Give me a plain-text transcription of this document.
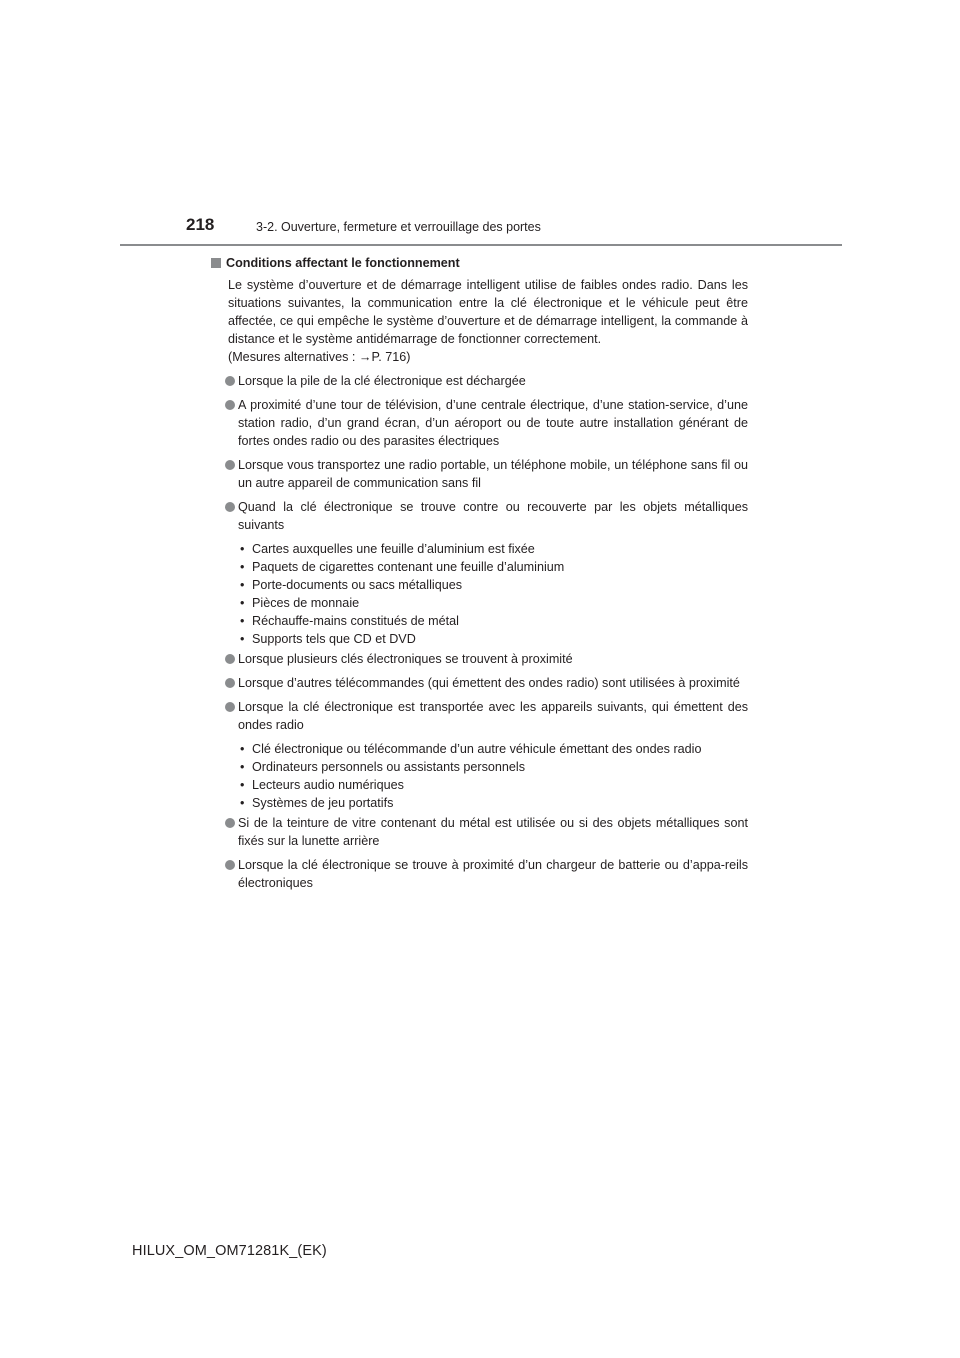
218	3-2. Ouverture, fermeture et verrouillage des portes
Conditions affectant le fonctionnement

Le système d’ouverture et de démarrage intelligent utilise de faibles ondes radio. Dans les situations suivantes, la communication entre la clé électronique et le véhicule peut être affectée, ce qui empêche le système d’ouverture et de démarrage intelligent, la commande à distance et le système antidémarrage de fonctionner correctement.

(Mesures alternatives : →P. 716)

Lorsque la pile de la clé électronique est déchargée
A proximité d’une tour de télévision, d’une centrale électrique, d’une station-service, d’une station radio, d’un grand écran, d’un aéroport ou de toute autre installation générant de fortes ondes radio ou des parasites électriques
Lorsque vous transportez une radio portable, un téléphone mobile, un téléphone sans fil ou un autre appareil de communication sans fil
Quand la clé électronique se trouve contre ou recouverte par les objets métalliques suivants
• Cartes auxquelles une feuille d’aluminium est fixée
• Paquets de cigarettes contenant une feuille d’aluminium
• Porte-documents ou sacs métalliques
• Pièces de monnaie
• Réchauffe-mains constitués de métal
• Supports tels que CD et DVD
Lorsque plusieurs clés électroniques se trouvent à proximité
Lorsque d’autres télécommandes (qui émettent des ondes radio) sont utilisées à proximité
Lorsque la clé électronique est transportée avec les appareils suivants, qui émettent des ondes radio
• Clé électronique ou télécommande d’un autre véhicule émettant des ondes radio
• Ordinateurs personnels ou assistants personnels
• Lecteurs audio numériques
• Systèmes de jeu portatifs
Si de la teinture de vitre contenant du métal est utilisée ou si des objets métalliques sont fixés sur la lunette arrière
Lorsque la clé électronique se trouve à proximité d’un chargeur de batterie ou d’appa-reils électroniques
HILUX_OM_OM71281K_(EK)
